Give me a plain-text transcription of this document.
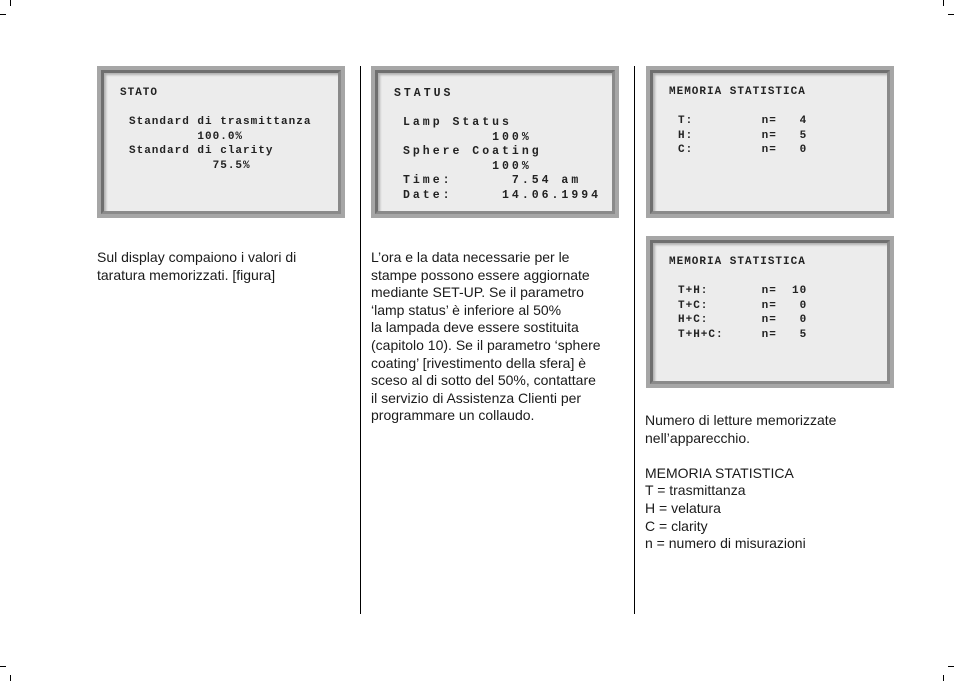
STATO
Standard di trasmittanza
100.0%
Standard di clarity
75.5%
Sul display compaiono i valori di
taratura memorizzati. [figura]
STATUS
Lamp Status
100%
Sphere Coating
100%
Time:      7.54 am
Date:     14.06.1994
L’ora e la data necessarie per le
stampe possono essere aggiornate
mediante SET-UP. Se il parametro
‘lamp status’ è inferiore al 50%
la lampada deve essere sostituita
(capitolo 10). Se il parametro ‘sphere
coating’ [rivestimento della sfera] è
sceso al di sotto del 50%, contattare
il servizio di Assistenza Clienti per
programmare un collaudo.
MEMORIA STATISTICA
T:         n=   4
H:         n=   5
C:         n=   0
MEMORIA STATISTICA
T+H:       n=  10
T+C:       n=   0
H+C:       n=   0
T+H+C:     n=   5
Numero di letture memorizzate
nell’apparecchio.

MEMORIA STATISTICA
T = trasmittanza
H = velatura
C = clarity
n = numero di misurazioni
